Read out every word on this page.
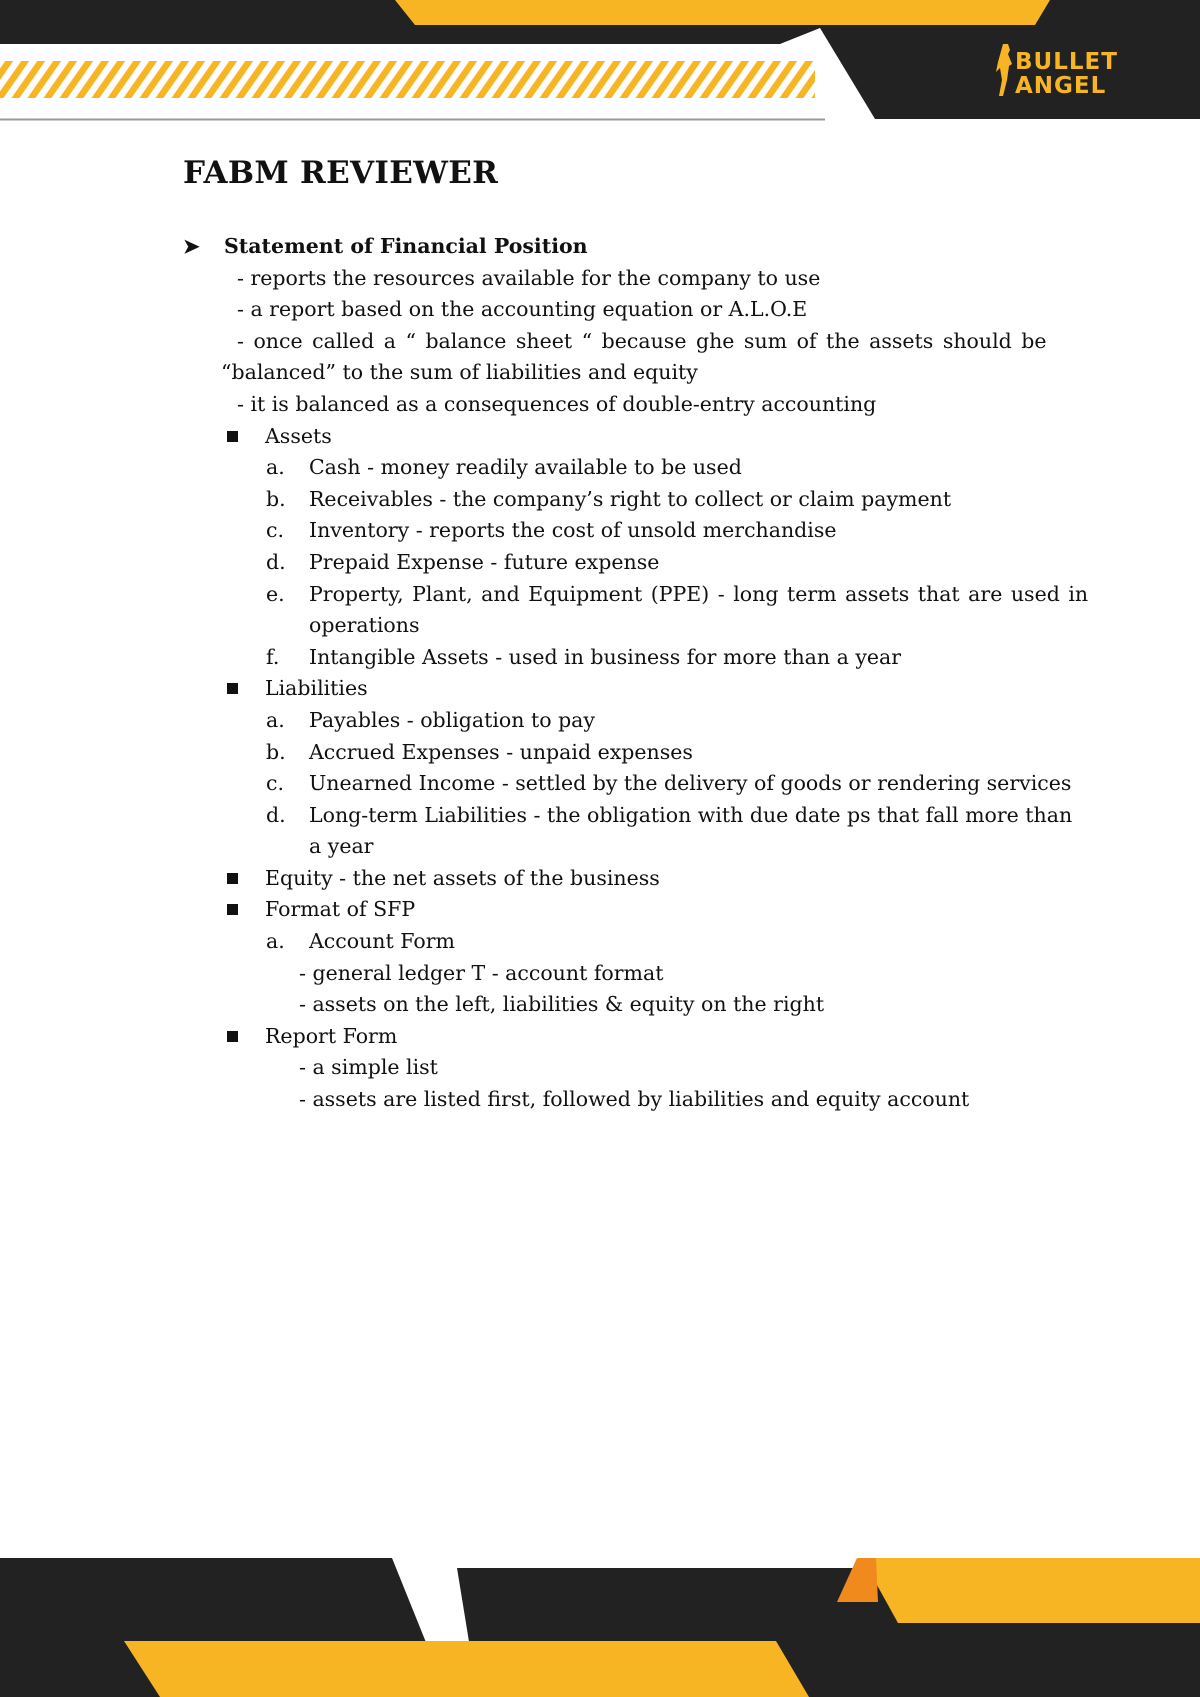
BULLET
ANGEL
FABM REVIEWER
➤ Statement of Financial Position
- reports the resources available for the company to use
- a report based on the accounting equation or A.L.O.E
- once called a “ balance sheet “ because ghe sum of the assets should be
“balanced” to the sum of liabilities and equity
- it is balanced as a consequences of double-entry accounting
Assets
a. Cash - money readily available to be used
b. Receivables - the company’s right to collect or claim payment
c. Inventory - reports the cost of unsold merchandise
d. Prepaid Expense - future expense
e. Property, Plant, and Equipment (PPE) - long term assets that are used in
operations
f. Intangible Assets - used in business for more than a year
Liabilities
a. Payables - obligation to pay
b. Accrued Expenses - unpaid expenses
c. Unearned Income - settled by the delivery of goods or rendering services
d. Long-term Liabilities - the obligation with due date ps that fall more than
a year
Equity - the net assets of the business
Format of SFP
a. Account Form
- general ledger T - account format
- assets on the left, liabilities & equity on the right
Report Form
- a simple list
- assets are listed first, followed by liabilities and equity account
